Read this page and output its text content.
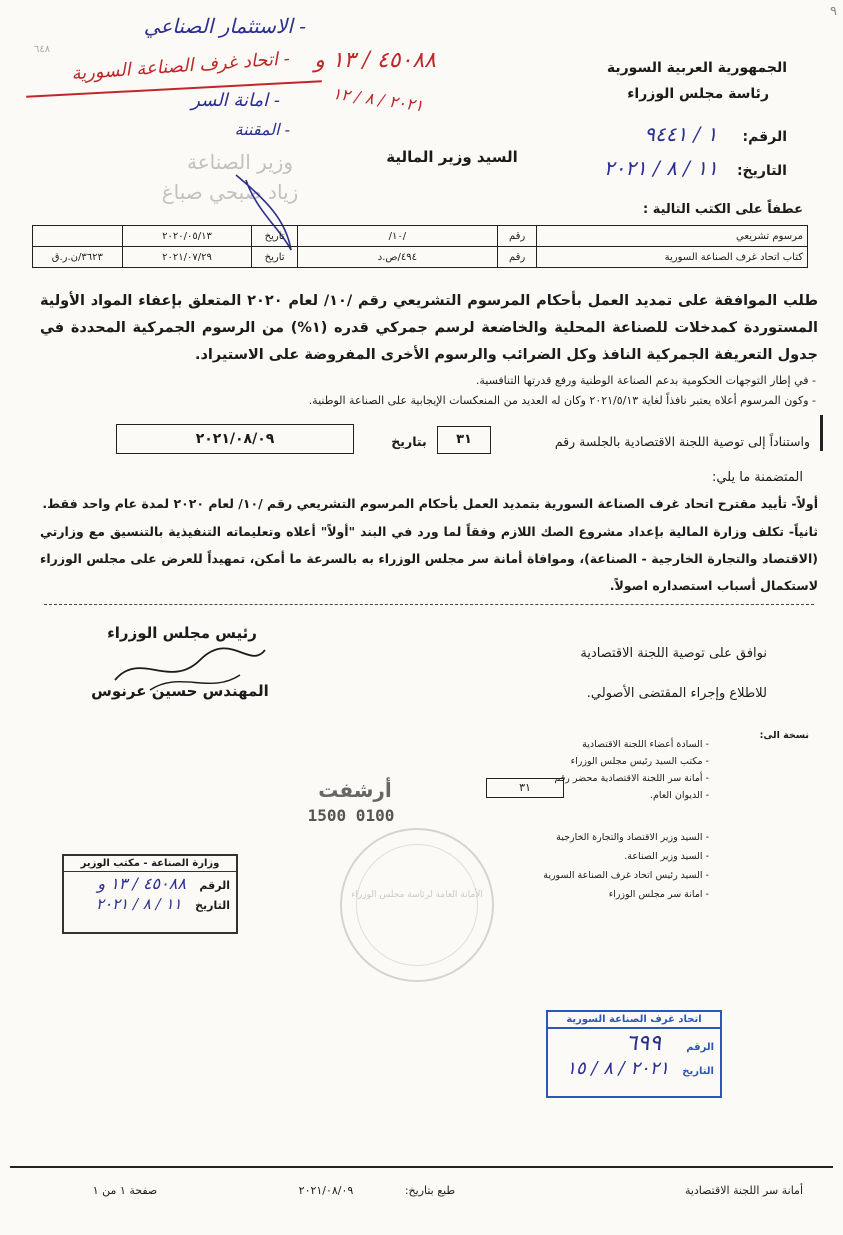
٩
الجمهورية العربية السورية
رئاسة مجلس الوزراء
الرقم: ١ / ٩٤٤١
التاريخ: ١١ / ٨ / ٢٠٢١
السيد وزير المالية
٦٤٨
- الاستثمار الصناعي
٤٥٠٨٨ / ١٣ و
- اتحاد غرف الصناعة السورية
٢٠٢١ / ٨ / ١٢
- امانة السر
- المقننة
وزير الصناعة
زياد صبحي صباغ
عطفاً على الكتب التالية :
مرسوم تشريعي	رقم	/١٠/	تاريخ	٢٠٢٠/٠٥/١٣	
كتاب اتحاد غرف الصناعة السورية	رقم	٤٩٤/ص.د	تاريخ	٢٠٢١/٠٧/٢٩	٣٦٢٣/ن.ر.ق
طلب الموافقة على تمديد العمل بأحكام المرسوم التشريعي رقم /١٠/ لعام ٢٠٢٠ المتعلق بإعفاء المواد الأولية المستوردة كمدخلات للصناعة المحلية والخاضعة لرسم جمركي قدره (١%) من الرسوم الجمركية المحددة في جدول التعريفة الجمركية النافذ وكل الضرائب والرسوم الأخرى المفروضة على الاستيراد.
- في إطار التوجهات الحكومية بدعم الصناعة الوطنية ورفع قدرتها التنافسية.
- وكون المرسوم أعلاه يعتبر نافذاً لغاية ٢٠٢١/٥/١٣ وكان له العديد من المنعكسات الإيجابية على الصناعة الوطنية.
واستناداً إلى توصية اللجنة الاقتصادية بالجلسة رقم
٣١
بتاريخ
٢٠٢١/٠٨/٠٩
المتضمنة ما يلي:
أولاً- تأييد مقترح اتحاد غرف الصناعة السورية بتمديد العمل بأحكام المرسوم التشريعي رقم /١٠/ لعام ٢٠٢٠ لمدة عام واحد فقط.
ثانياً- تكلف وزارة المالية بإعداد مشروع الصك اللازم وفقاً لما ورد في البند "أولاً" أعلاه وتعليماته التنفيذية بالتنسيق مع وزارتي (الاقتصاد والتجارة الخارجية - الصناعة)، وموافاة أمانة سر مجلس الوزراء به بالسرعة ما أمكن، تمهيداً للعرض على مجلس الوزراء لاستكمال أسباب استصداره اصولاً.
نوافق على توصية اللجنة الاقتصادية
للاطلاع وإجراء المقتضى الأصولي.
رئيس مجلس الوزراء
المهندس حسين عرنوس
نسخة الى:
- السادة أعضاء اللجنة الاقتصادية
- مكتب السيد رئيس مجلس الوزراء
- أمانة سر اللجنة الاقتصادية محضر رقم
- الديوان العام.
٣١
- السيد وزير الاقتصاد والتجارة الخارجية
- السيد وزير الصناعة.
- السيد رئيس اتحاد غرف الصناعة السورية
- امانة سر مجلس الوزراء
أرشفت
1500 0100
وزارة الصناعة - مكتب الوزير
الرقم ٤٥٠٨٨ / ١٣ و
التاريخ ١١ / ٨ / ٢٠٢١	الأمانة العامة لرئاسة مجلس الوزراء
اتحاد غرف الصناعة السورية
الرقم ٦٩٩
التاريخ ٢٠٢١ / ٨ / ١٥
صفحة ١ من ١	٢٠٢١/٠٨/٠٩	طبع بتاريخ:	أمانة سر اللجنة الاقتصادية
